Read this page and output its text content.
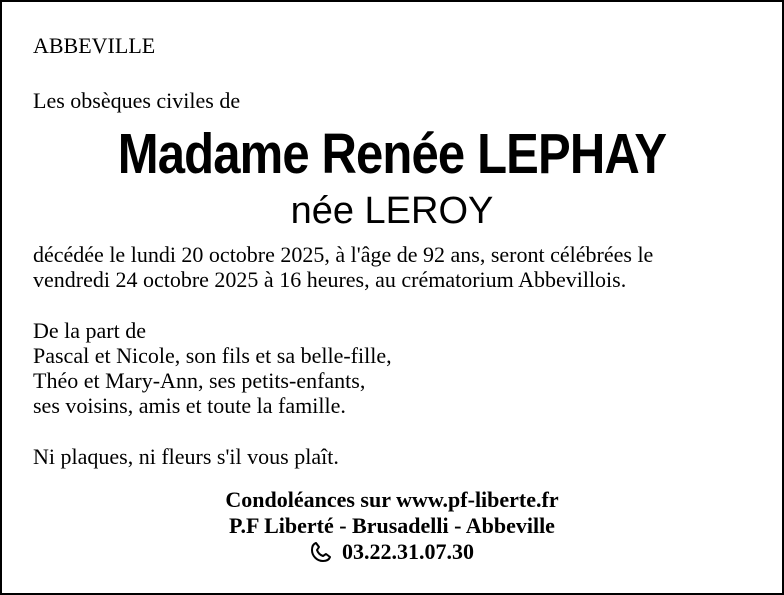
ABBEVILLE
Les obsèques civiles de
Madame Renée LEPHAY
née LEROY
décédée le lundi 20 octobre 2025, à l'âge de 92 ans, seront célébrées le
vendredi 24 octobre 2025 à 16 heures, au crématorium Abbevillois.
De la part de
Pascal et Nicole, son fils et sa belle-fille,
Théo et Mary-Ann, ses petits-enfants,
ses voisins, amis et toute la famille.
Ni plaques, ni fleurs s'il vous plaît.
Condoléances sur www.pf-liberte.fr
P.F Liberté - Brusadelli - Abbeville
03.22.31.07.30
